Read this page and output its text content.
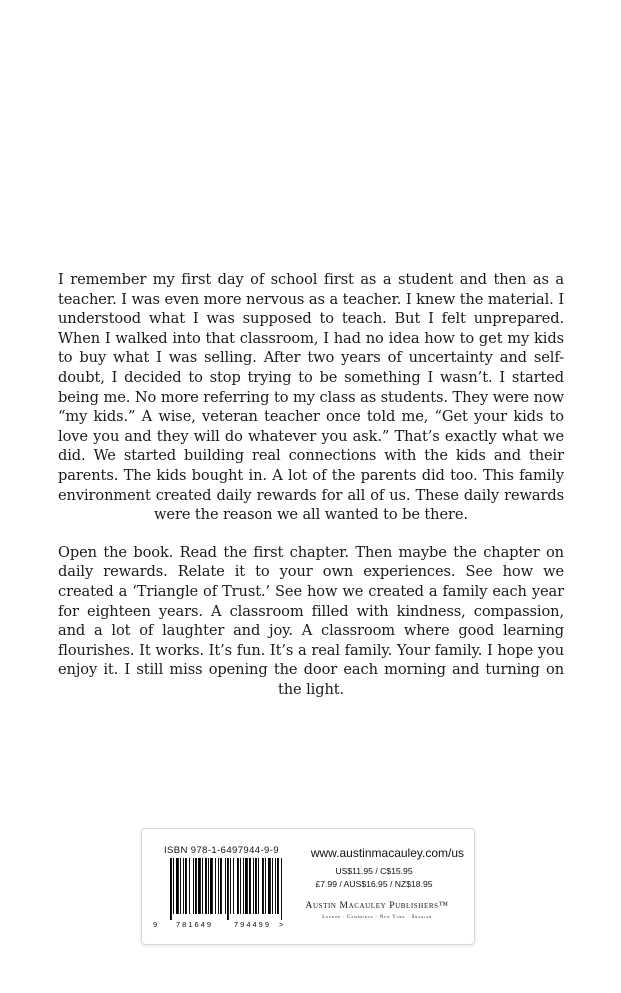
I remember my first day of school first as a student and then as a teacher. I was even more nervous as a teacher. I knew the material. I understood what I was supposed to teach. But I felt unprepared. When I walked into that classroom, I had no idea how to get my kids to buy what I was selling. After two years of uncertainty and self-doubt, I decided to stop trying to be something I wasn’t. I started being me. No more referring to my class as students. They were now “my kids.” A wise, veteran teacher once told me, “Get your kids to love you and they will do whatever you ask.” That’s exactly what we did. We started building real connections with the kids and their parents. The kids bought in. A lot of the parents did too. This family environment created daily rewards for all of us. These daily rewards were the reason we all wanted to be there.

Open the book. Read the first chapter. Then maybe the chapter on daily rewards. Relate it to your own experiences. See how we created a ‘Triangle of Trust.’ See how we created a family each year for eighteen years. A classroom filled with kindness, compassion, and a lot of laughter and joy. A classroom where good learning flourishes. It works. It’s fun. It’s a real family. Your family. I hope you enjoy it. I still miss opening the door each morning and turning on the light.

ISBN 978-1-6497944-9-9
9	781649	794499 >
www.austinmacauley.com/us
US$11.95 / C$15.95
£7.99 / AUS$16.95 / NZ$18.95
Austin Macauley Publishers™
London · Cambridge · New York · Sharjah
